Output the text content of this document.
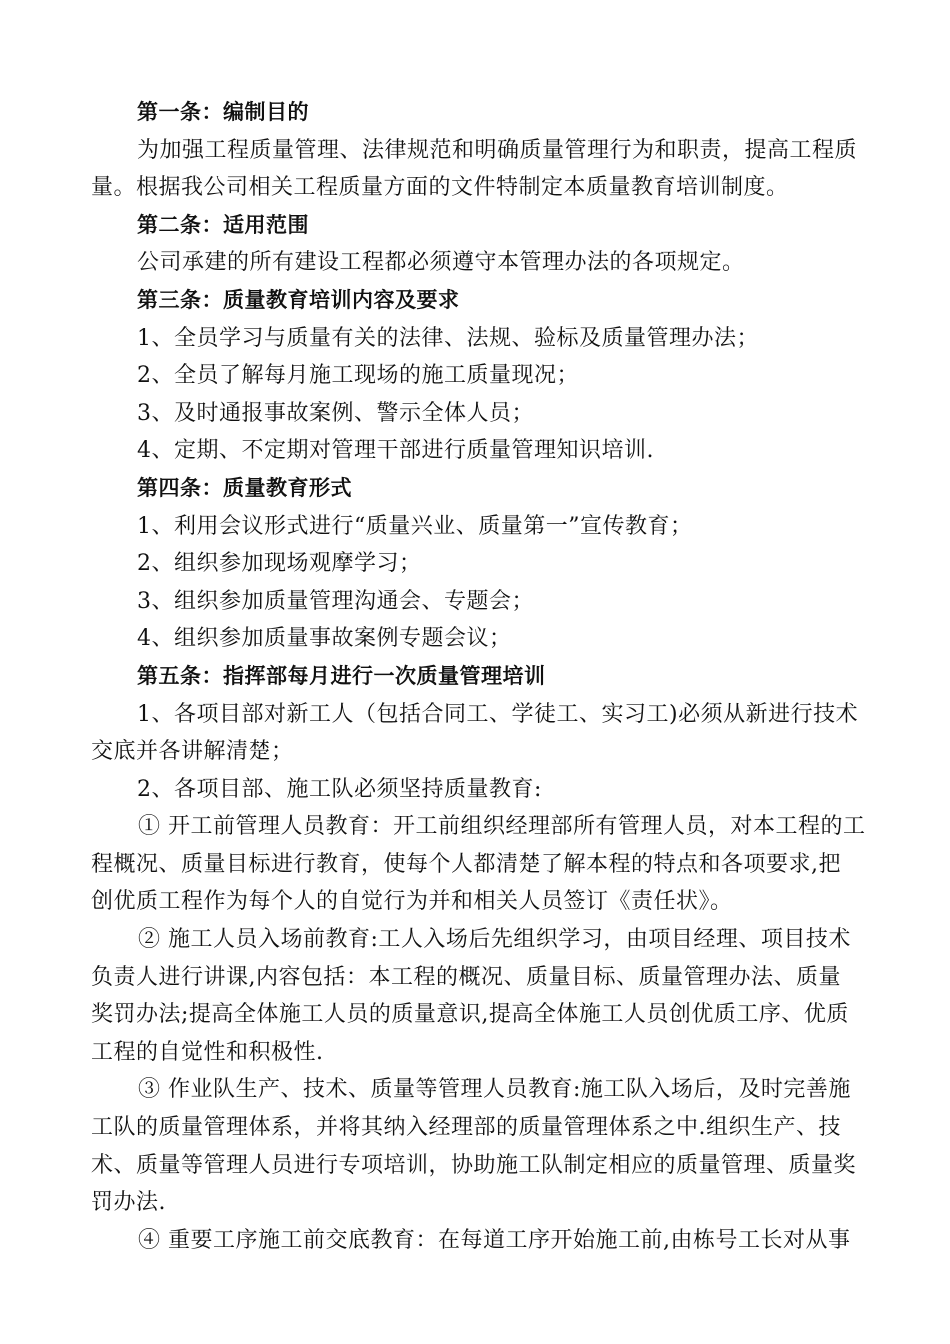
第一条：编制目的

为加强工程质量管理、法律规范和明确质量管理行为和职责，提高工程质

量。根据我公司相关工程质量方面的文件特制定本质量教育培训制度。

第二条：适用范围

公司承建的所有建设工程都必须遵守本管理办法的各项规定。

第三条：质量教育培训内容及要求

1、全员学习与质量有关的法律、法规、验标及质量管理办法；

2、全员了解每月施工现场的施工质量现况；

3、及时通报事故案例、警示全体人员；

4、定期、不定期对管理干部进行质量管理知识培训.

第四条：质量教育形式

1、利用会议形式进行“质量兴业、质量第一”宣传教育；

2、组织参加现场观摩学习；

3、组织参加质量管理沟通会、专题会；

4、组织参加质量事故案例专题会议；

第五条：指挥部每月进行一次质量管理培训

1、各项目部对新工人（包括合同工、学徒工、实习工)必须从新进行技术

交底并各讲解清楚；

2、各项目部、施工队必须坚持质量教育:

① 开工前管理人员教育：开工前组织经理部所有管理人员，对本工程的工

程概况、质量目标进行教育，使每个人都清楚了解本程的特点和各项要求,把

创优质工程作为每个人的自觉行为并和相关人员签订《责任状》。

② 施工人员入场前教育:工人入场后先组织学习，由项目经理、项目技术

负责人进行讲课,内容包括：本工程的概况、质量目标、质量管理办法、质量

奖罚办法;提高全体施工人员的质量意识,提高全体施工人员创优质工序、优质

工程的自觉性和积极性.

③ 作业队生产、技术、质量等管理人员教育:施工队入场后，及时完善施

工队的质量管理体系，并将其纳入经理部的质量管理体系之中.组织生产、技

术、质量等管理人员进行专项培训，协助施工队制定相应的质量管理、质量奖

罚办法.

④ 重要工序施工前交底教育：在每道工序开始施工前,由栋号工长对从事
